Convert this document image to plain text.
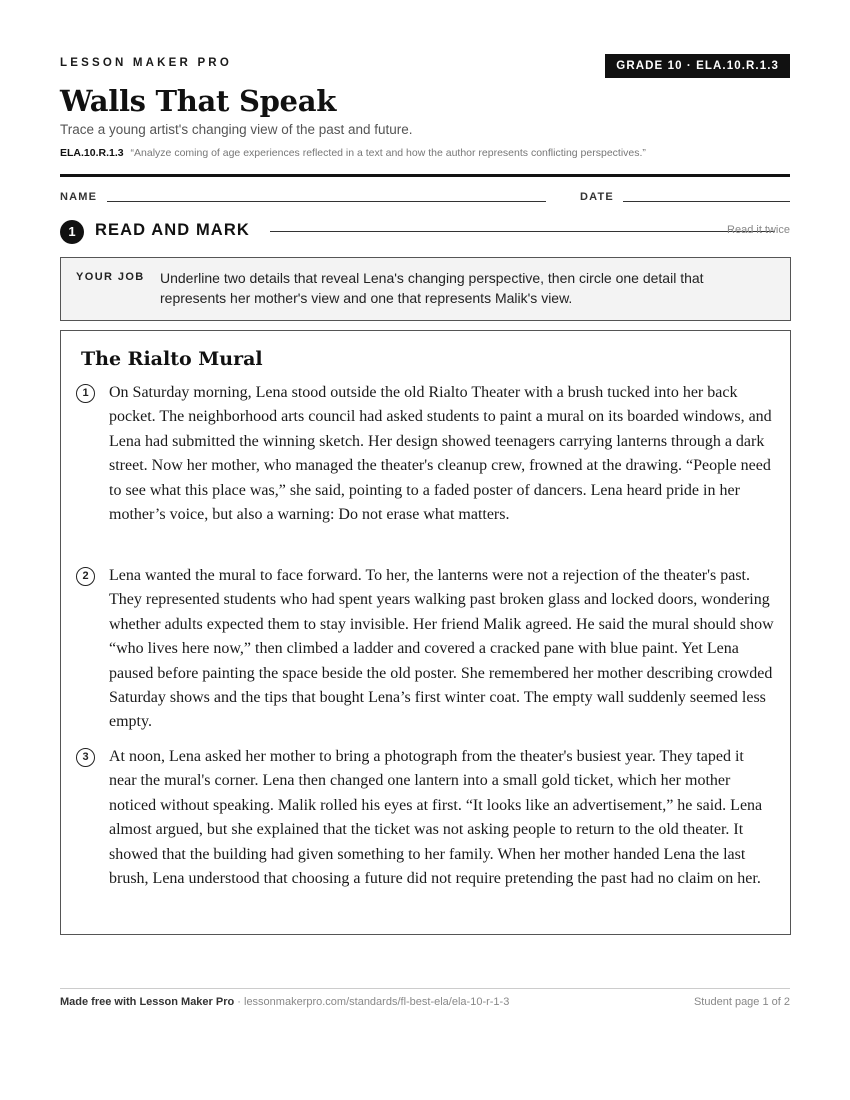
LESSON MAKER PRO	GRADE 10 · ELA.10.R.1.3
Walls That Speak
Trace a young artist's changing view of the past and future.
ELA.10.R.1.3 “Analyze coming of age experiences reflected in a text and how the author represents conflicting perspectives.”
NAME	DATE
1	READ AND MARK	Read it twice
YOUR JOB Underline two details that reveal Lena's changing perspective, then circle one detail that represents her mother's view and one that represents Malik's view.
The Rialto Mural
1	On Saturday morning, Lena stood outside the old Rialto Theater with a brush tucked into her back pocket. The neighborhood arts council had asked students to paint a mural on its boarded windows, and Lena had submitted the winning sketch. Her design showed teenagers carrying lanterns through a dark street. Now her mother, who managed the theater's cleanup crew, frowned at the drawing. “People need to see what this place was,” she said, pointing to a faded poster of dancers. Lena heard pride in her mother’s voice, but also a warning: Do not erase what matters.
2	Lena wanted the mural to face forward. To her, the lanterns were not a rejection of the theater's past. They represented students who had spent years walking past broken glass and locked doors, wondering whether adults expected them to stay invisible. Her friend Malik agreed. He said the mural should show “who lives here now,” then climbed a ladder and covered a cracked pane with blue paint. Yet Lena paused before painting the space beside the old poster. She remembered her mother describing crowded Saturday shows and the tips that bought Lena’s first winter coat. The empty wall suddenly seemed less empty.
3	At noon, Lena asked her mother to bring a photograph from the theater's busiest year. They taped it near the mural's corner. Lena then changed one lantern into a small gold ticket, which her mother noticed without speaking. Malik rolled his eyes at first. “It looks like an advertisement,” he said. Lena almost argued, but she explained that the ticket was not asking people to return to the old theater. It showed that the building had given something to her family. When her mother handed Lena the last brush, Lena understood that choosing a future did not require pretending the past had no claim on her.
Made free with Lesson Maker Pro · lessonmakerpro.com/standards/fl-best-ela/ela-10-r-1-3	Student page 1 of 2
